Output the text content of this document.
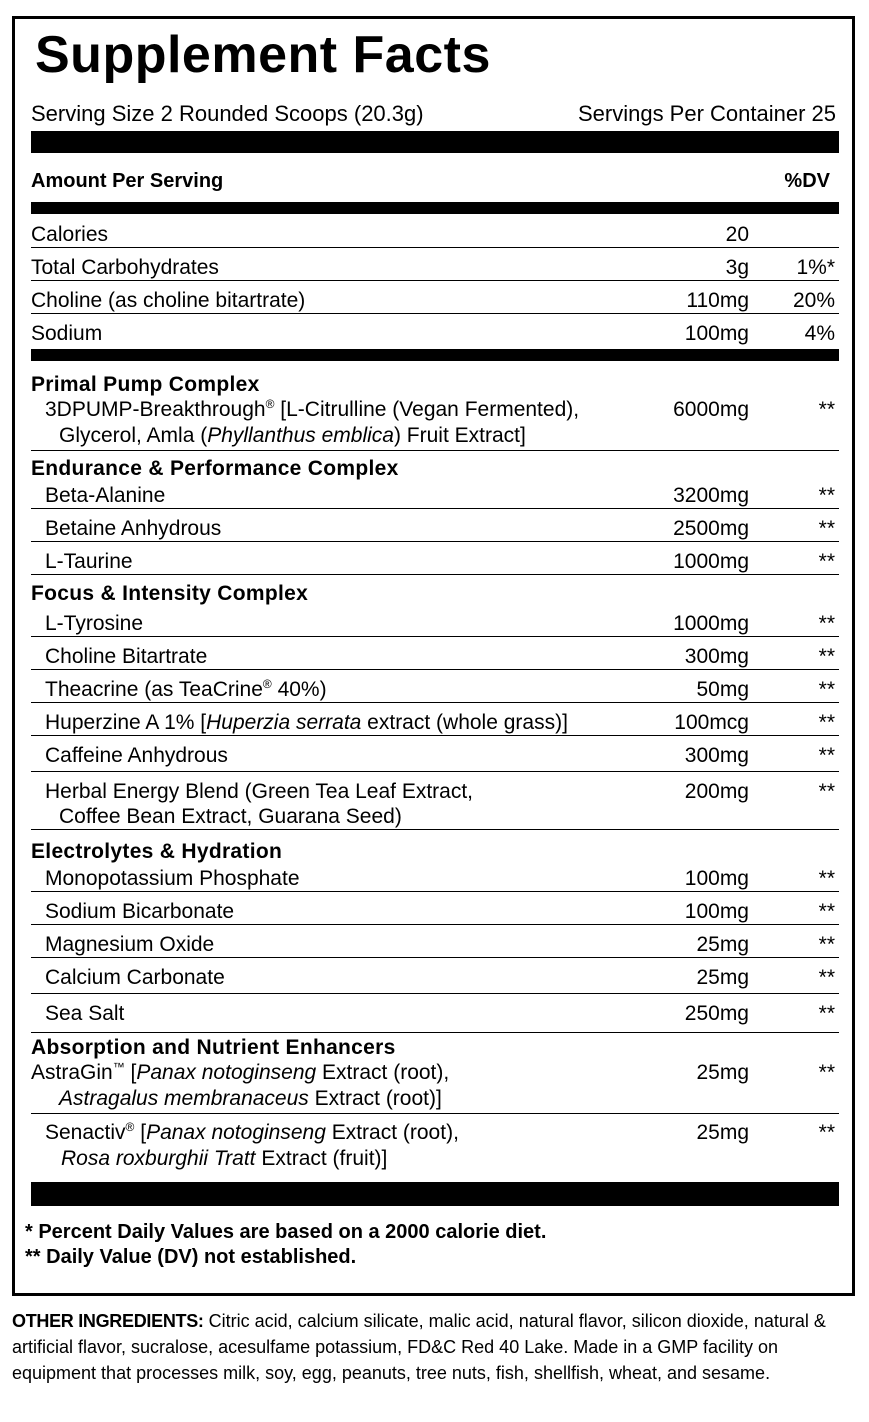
Supplement Facts
Serving Size 2 Rounded Scoops (20.3g)	Servings Per Container 25
Amount Per Serving	%DV
Calories	20
Total Carbohydrates	3g 1%*
Choline (as choline bitartrate)	110mg 20%
Sodium	100mg	4%
Primal Pump Complex
3DPUMP-Breakthrough® [L-Citrulline (Vegan Fermented),
Glycerol, Amla (Phyllanthus emblica) Fruit Extract]
6000mg	**
Endurance & Performance Complex
Beta-Alanine	3200mg	**
Betaine Anhydrous	2500mg	**
L-Taurine	1000mg	**
Focus & Intensity Complex
L-Tyrosine	1000mg	**
Choline Bitartrate	300mg	**
Theacrine (as TeaCrine® 40%)	50mg	**
Huperzine A 1% [Huperzia serrata extract (whole grass)]	100mcg	**
Caffeine Anhydrous	300mg	**
Herbal Energy Blend (Green Tea Leaf Extract,
Coffee Bean Extract, Guarana Seed)
200mg	**
Electrolytes & Hydration
Monopotassium Phosphate	100mg	**
Sodium Bicarbonate	100mg	**
Magnesium Oxide	25mg	**
Calcium Carbonate	25mg	**
Sea Salt	250mg	**
Absorption and Nutrient Enhancers
AstraGin™ [Panax notoginseng Extract (root),
Astragalus membranaceus Extract (root)]
25mg	**
Senactiv® [Panax notoginseng Extract (root),
Rosa roxburghii Tratt Extract (fruit)]
25mg	**
* Percent Daily Values are based on a 2000 calorie diet.
** Daily Value (DV) not established.
OTHER INGREDIENTS: Citric acid, calcium silicate, malic acid, natural flavor, silicon dioxide, natural & artificial flavor, sucralose, acesulfame potassium, FD&C Red 40 Lake. Made in a GMP facility on equipment that processes milk, soy, egg, peanuts, tree nuts, fish, shellfish, wheat, and sesame.
